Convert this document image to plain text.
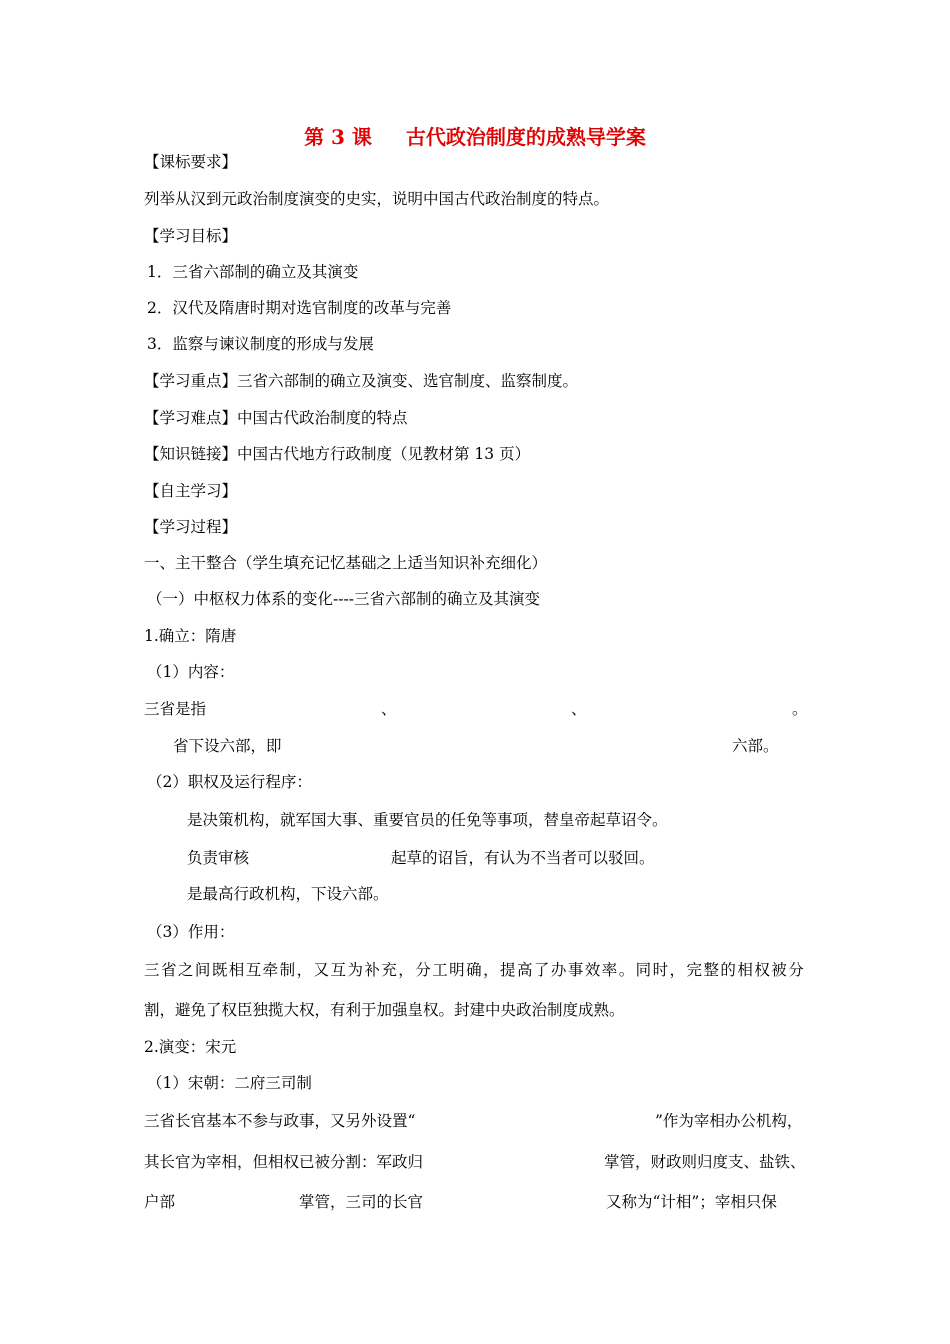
第 3 课 古代政治制度的成熟导学案
【课标要求】
列举从汉到元政治制度演变的史实，说明中国古代政治制度的特点。
【学习目标】
1．三省六部制的确立及其演变
2．汉代及隋唐时期对选官制度的改革与完善
3．监察与谏议制度的形成与发展
【学习重点】三省六部制的确立及演变、选官制度、监察制度。
【学习难点】中国古代政治制度的特点
【知识链接】中国古代地方行政制度（见教材第 13 页）
【自主学习】
【学习过程】
一、主干整合（学生填充记忆基础之上适当知识补充细化）
（一）中枢权力体系的变化----三省六部制的确立及其演变
1.确立：隋唐
（1）内容：
三省是指	、	、	。
省下设六部，即	六部。
（2）职权及运行程序：
是决策机构，就军国大事、重要官员的任免等事项，替皇帝起草诏令。
负责审核	起草的诏旨，有认为不当者可以驳回。
是最高行政机构，下设六部。
（3）作用：
三 省 之 间 既 相 互 牵 制 ， 又 互 为 补 充 ， 分 工 明 确 ， 提 高 了 办 事 效 率 。 同 时 ， 完 整 的 相 权 被 分
割，避免了权臣独揽大权，有利于加强皇权。封建中央政治制度成熟。
2.演变：宋元
（1）宋朝：二府三司制
三省长官基本不参与政事，又另外设置“	”作为宰相办公机构，
其长官为宰相，但相权已被分割：军政归	掌管，财政则归度支、盐铁、
户部	掌管，三司的长官	又称为“计相”；宰相只保
